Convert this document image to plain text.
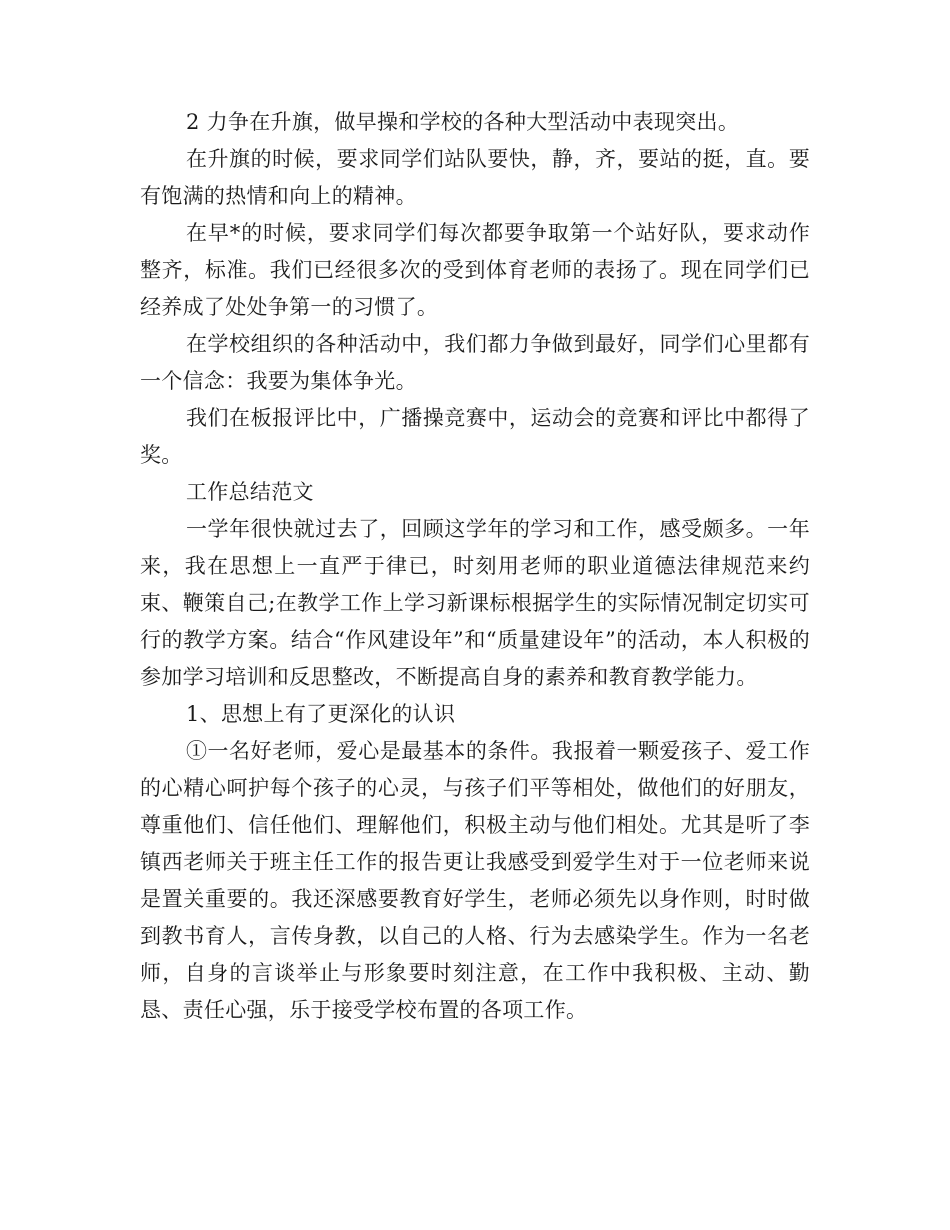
2 力争在升旗，做早操和学校的各种大型活动中表现突出。

在升旗的时候，要求同学们站队要快，静，齐，要站的挺，直。要有饱满的热情和向上的精神。

在早*的时候，要求同学们每次都要争取第一个站好队，要求动作整齐，标准。我们已经很多次的受到体育老师的表扬了。现在同学们已经养成了处处争第一的习惯了。

在学校组织的各种活动中，我们都力争做到最好，同学们心里都有一个信念：我要为集体争光。

我们在板报评比中，广播操竞赛中，运动会的竞赛和评比中都得了奖。

工作总结范文

一学年很快就过去了，回顾这学年的学习和工作，感受颇多。一年来，我在思想上一直严于律已，时刻用老师的职业道德法律规范来约束、鞭策自己;在教学工作上学习新课标根据学生的实际情况制定切实可行的教学方案。结合“作风建设年”和“质量建设年”的活动，本人积极的参加学习培训和反思整改，不断提高自身的素养和教育教学能力。

1、思想上有了更深化的认识

①一名好老师，爱心是最基本的条件。我报着一颗爱孩子、爱工作的心精心呵护每个孩子的心灵，与孩子们平等相处，做他们的好朋友，尊重他们、信任他们、理解他们，积极主动与他们相处。尤其是听了李镇西老师关于班主任工作的报告更让我感受到爱学生对于一位老师来说是置关重要的。我还深感要教育好学生，老师必须先以身作则，时时做到教书育人，言传身教，以自己的人格、行为去感染学生。作为一名老师，自身的言谈举止与形象要时刻注意，在工作中我积极、主动、勤恳、责任心强，乐于接受学校布置的各项工作。
